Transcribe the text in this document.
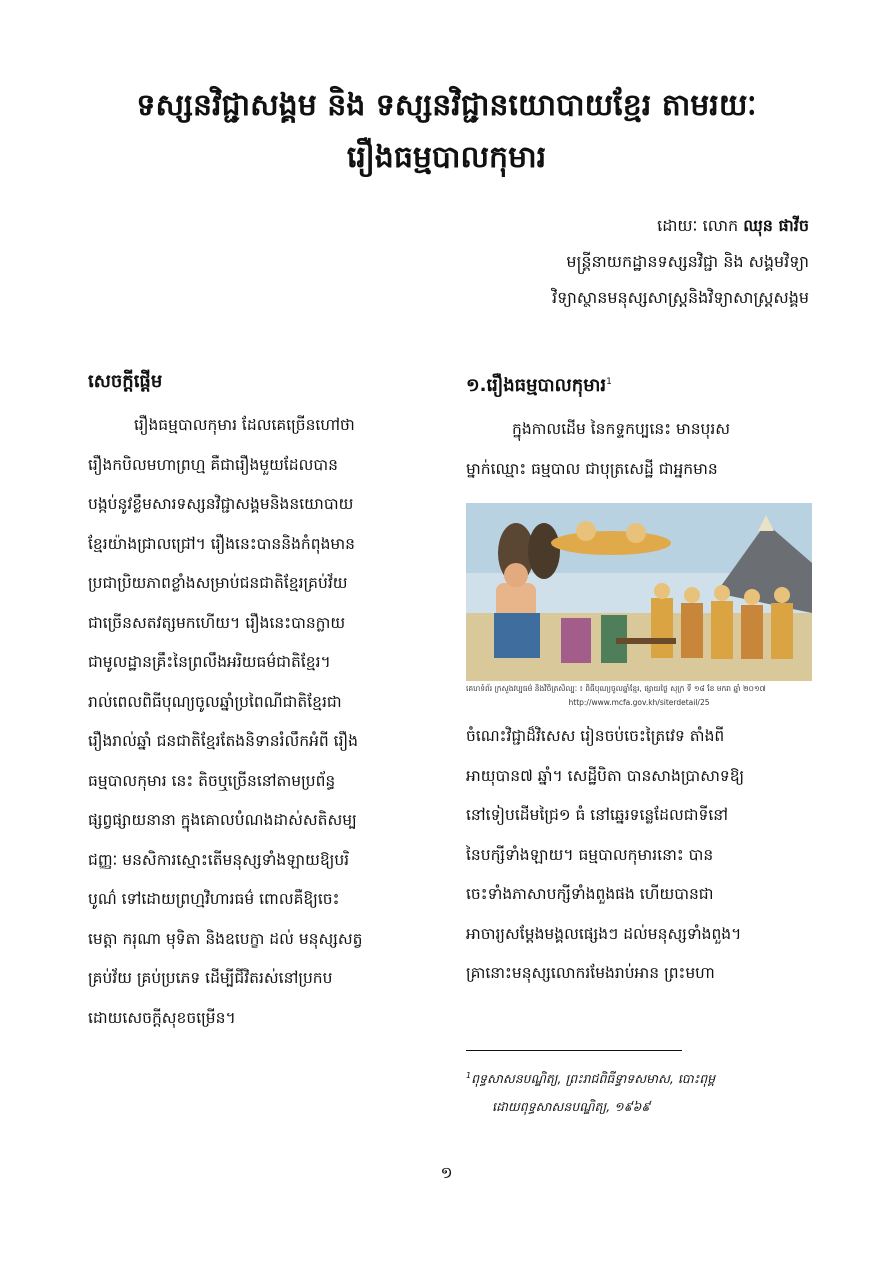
ទស្សនវិជ្ជាសង្គម និង ទស្សនវិជ្ជានយោបាយខ្មែរ តាមរយៈ
រឿងធម្មបាលកុមារ
ដោយៈ លោក ឈុន ផាវីច
មន្ត្រីនាយកដ្ឋានទស្សនវិជ្ជា និង សង្គមវិទ្យា
វិទ្យាស្ថានមនុស្សសាស្ត្រនិងវិទ្យាសាស្ត្រសង្គម
សេចក្តីផ្តើម
រឿងធម្មបាលកុមារ ដែលគេច្រើនហៅថា
រឿងកបិលមហាព្រហ្ម គឺជារឿងមួយដែលបាន
បង្កប់នូវខ្លឹមសារទស្សនវិជ្ជាសង្គមនិងនយោបាយ
ខ្មែរយ៉ាងជ្រាលជ្រៅ។ រឿងនេះបាននិងកំពុងមាន
ប្រជាប្រិយភាពខ្លាំងសម្រាប់ជនជាតិខ្មែរគ្រប់វ័យ
ជាច្រើនសតវត្សមកហើយ។ រឿងនេះបានក្លាយ
ជាមូលដ្ឋានគ្រឹះនៃព្រលឹងអរិយធម៌ជាតិខ្មែរ។
រាល់ពេលពិធីបុណ្យចូលឆ្នាំប្រពៃណីជាតិខ្មែរជា
រឿងរាល់ឆ្នាំ ជនជាតិខ្មែរតែងនិទានរំលឹកអំពី រឿង
ធម្មបាលកុមារ នេះ តិចឬច្រើននៅតាមប្រព័ន្ធ
ផ្សព្វផ្សាយនានា ក្នុងគោលបំណងដាស់សតិសម្ប
ជញ្ញៈ មនសិការស្មោះតើមនុស្សទាំងឡាយឱ្យបរិ
បូណ៌ ទៅដោយព្រហ្មវិហារធម៌ ពោលគឺឱ្យចេះ
មេត្តា ករុណា មុទិតា និងឧបេក្ខា ដល់ មនុស្សសត្វ
គ្រប់វ័យ គ្រប់ប្រភេទ ដើម្បីជីវិតរស់នៅប្រកប
ដោយសេចក្តីសុខចម្រើន។
១.រឿងធម្មបាលកុមារ$^1$
ក្នុងកាលដើម នៃកទ្ទកប្បនេះ មានបុរស
ម្នាក់ឈ្មោះ ធម្មបាល ជាបុត្រសេដ្ឋី ជាអ្នកមាន
គេហទំព័រ ក្រសួងវប្បធម៌ និងវិចិត្រសិល្បៈ ៖ ពិធីបុណ្យចូលឆ្នាំខ្មែរ, ផ្សាយថ្ងៃ សុក្រ ទី ១៨ ខែ មករា ឆ្នាំ ២០១៧
http://www.mcfa.gov.kh/siterdetail/25
ចំណេះវិជ្ជាដ៏វិសេស រៀនចប់ចេះត្រៃវេទ តាំងពី
អាយុបាន៧ ឆ្នាំ។ សេដ្ឋីបិតា បានសាងប្រាសាទឱ្យ
នៅទៀបដើមជ្រៃ១ ធំ នៅឆ្នេរទន្លេដែលជាទីនៅ
នៃបក្សីទាំងឡាយ។ ធម្មបាលកុមារនោះ បាន
ចេះទាំងភាសាបក្សីទាំងពួងផង ហើយបានជា
អាចារ្យសម្តែងមង្គលផ្សេងៗ ដល់មនុស្សទាំងពួង។
គ្រានោះមនុស្សលោករមែងរាប់អាន ព្រះមហា
$^1$ពុទ្ធសាសនបណ្ឌិត្យ, ព្រះរាជពិធីទ្វាទសមាស, បោះពុម្ព
ដោយពុទ្ធសាសនបណ្ឌិត្យ, ១៩៦៩
១
